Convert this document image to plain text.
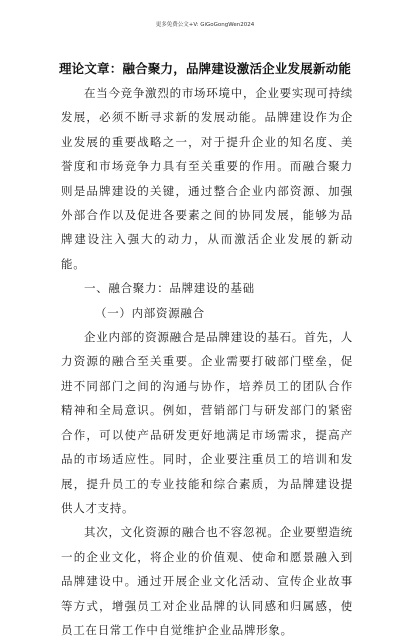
更多免费公文+V: GiGoGongWen2024
理论文章：融合聚力，品牌建设激活企业发展新动能

在当今竞争激烈的市场环境中，企业要实现可持续发展，必须不断寻求新的发展动能。品牌建设作为企业发展的重要战略之一，对于提升企业的知名度、美誉度和市场竞争力具有至关重要的作用。而融合聚力则是品牌建设的关键，通过整合企业内部资源、加强外部合作以及促进各要素之间的协同发展，能够为品牌建设注入强大的动力，从而激活企业发展的新动能。

一、融合聚力：品牌建设的基础

（一）内部资源融合

企业内部的资源融合是品牌建设的基石。首先，人力资源的融合至关重要。企业需要打破部门壁垒，促进不同部门之间的沟通与协作，培养员工的团队合作精神和全局意识。例如，营销部门与研发部门的紧密合作，可以使产品研发更好地满足市场需求，提高产品的市场适应性。同时，企业要注重员工的培训和发展，提升员工的专业技能和综合素质，为品牌建设提供人才支持。

其次，文化资源的融合也不容忽视。企业要塑造统一的企业文化，将企业的价值观、使命和愿景融入到品牌建设中。通过开展企业文化活动、宣传企业故事等方式，增强员工对企业品牌的认同感和归属感，使员工在日常工作中自觉维护企业品牌形象。
